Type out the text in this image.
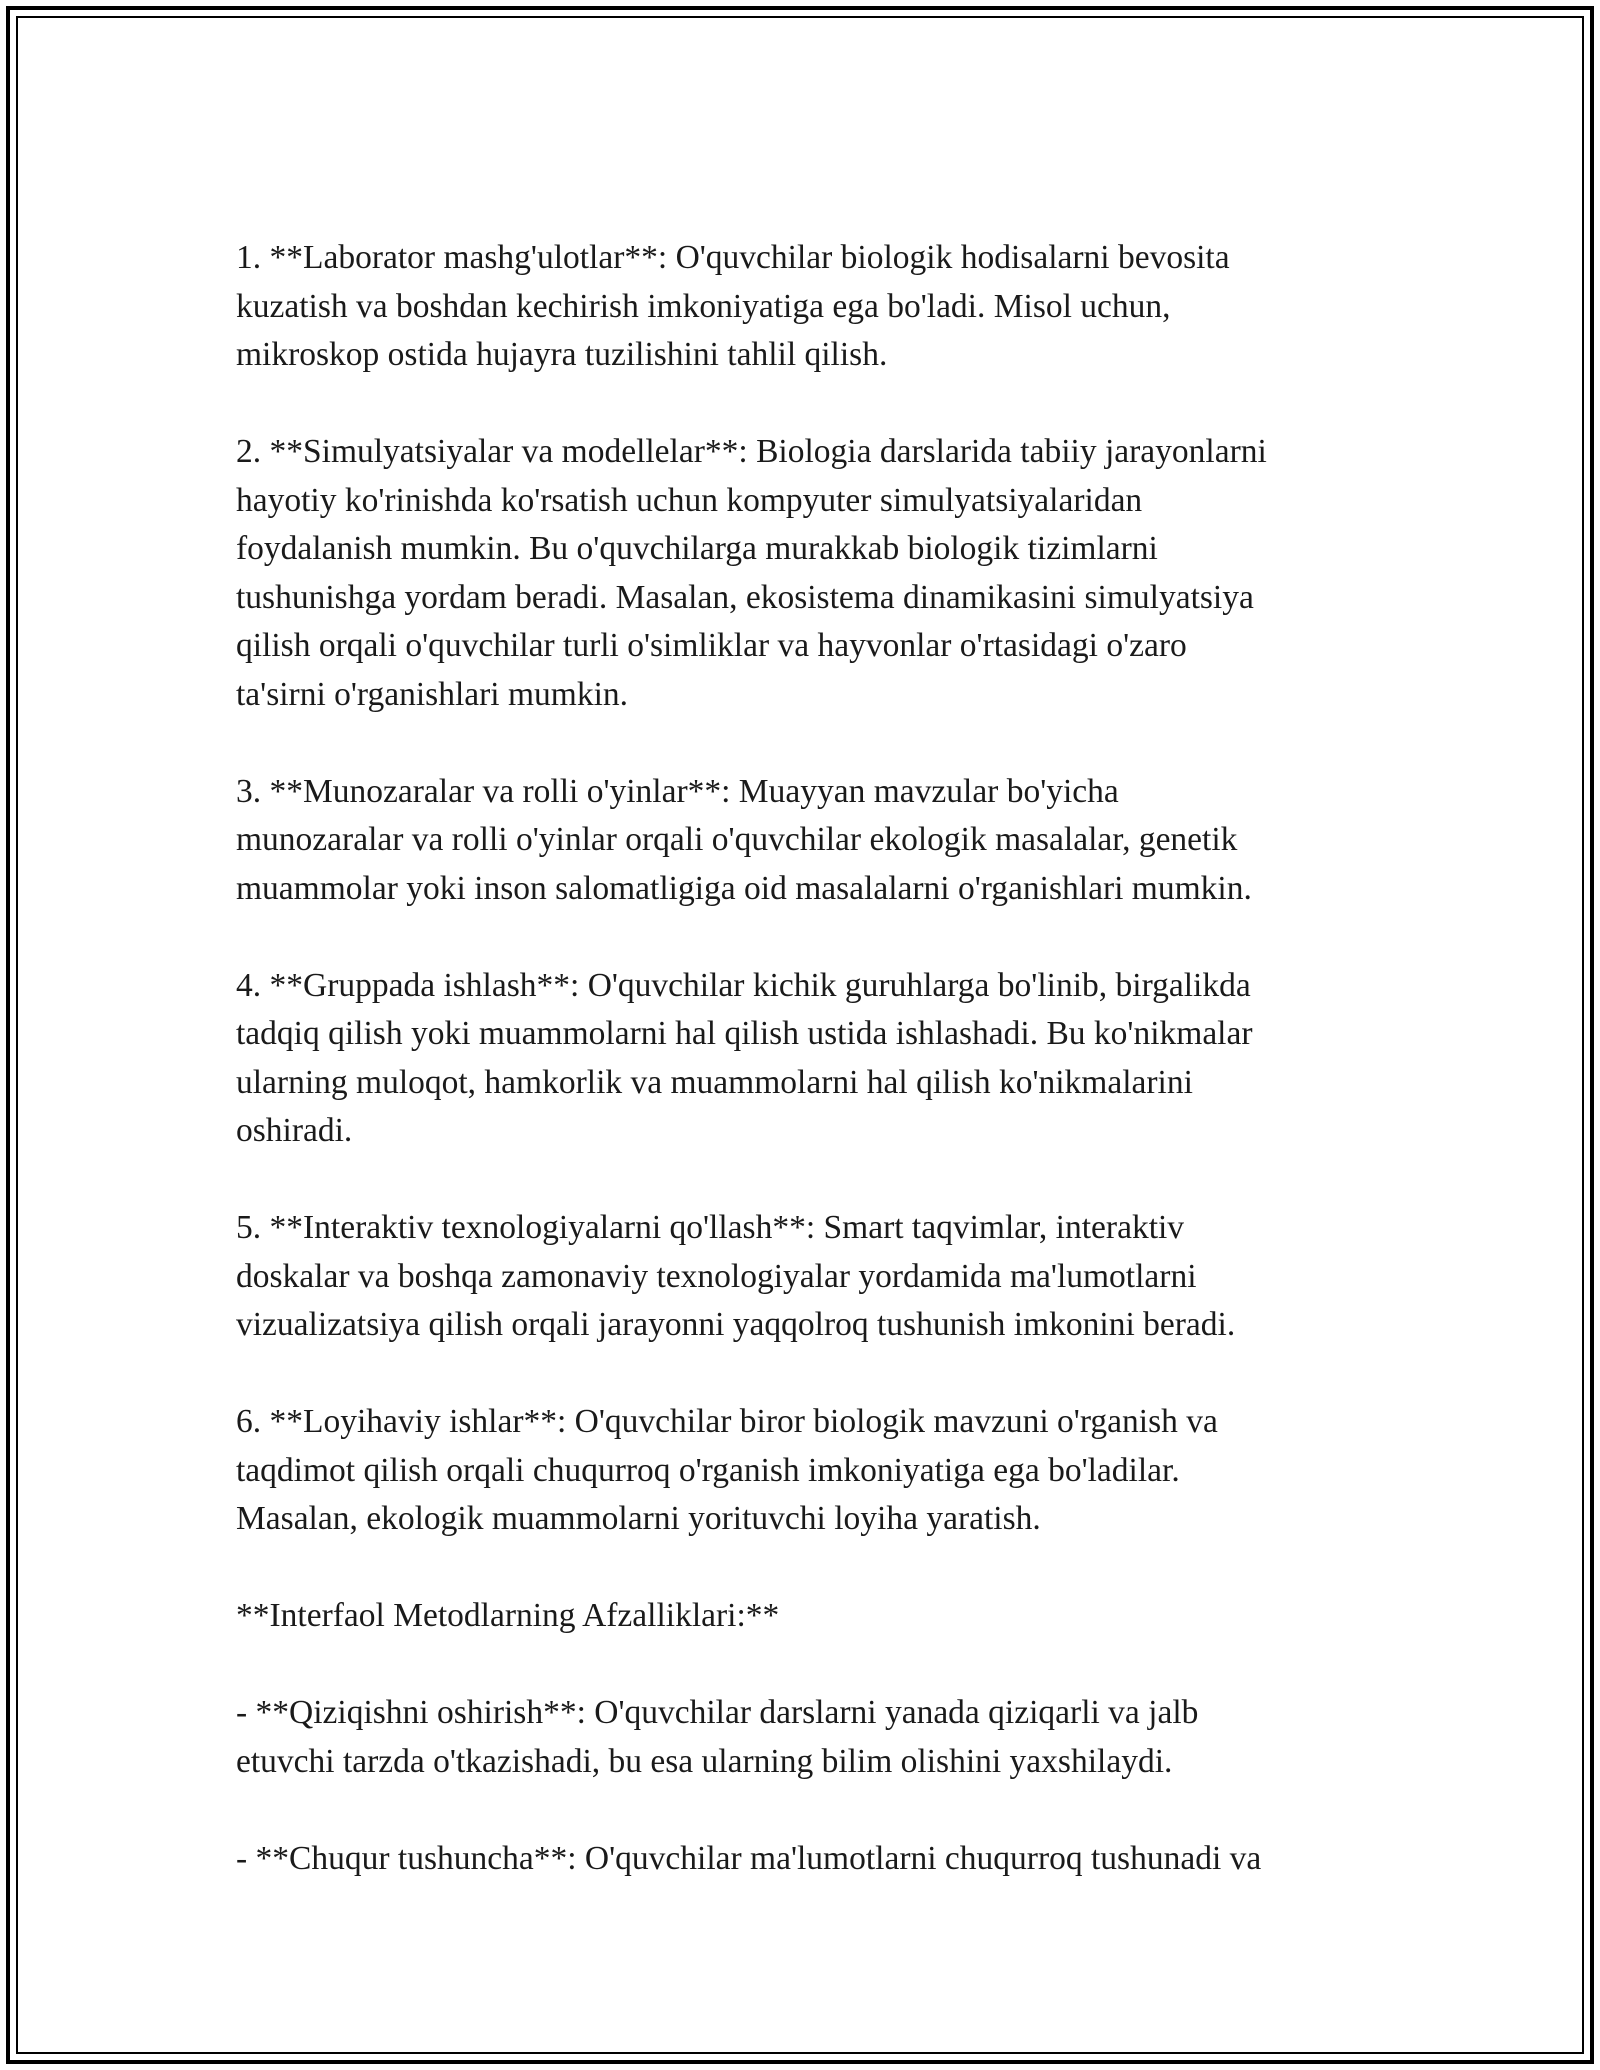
1. **Laborator mashg'ulotlar**: O'quvchilar biologik hodisalarni bevosita
kuzatish va boshdan kechirish imkoniyatiga ega bo'ladi. Misol uchun,
mikroskop ostida hujayra tuzilishini tahlil qilish.

2. **Simulyatsiyalar va modellelar**: Biologia darslarida tabiiy jarayonlarni
hayotiy ko'rinishda ko'rsatish uchun kompyuter simulyatsiyalaridan
foydalanish mumkin. Bu o'quvchilarga murakkab biologik tizimlarni
tushunishga yordam beradi. Masalan, ekosistema dinamikasini simulyatsiya
qilish orqali o'quvchilar turli o'simliklar va hayvonlar o'rtasidagi o'zaro
ta'sirni o'rganishlari mumkin.

3. **Munozaralar va rolli o'yinlar**: Muayyan mavzular bo'yicha
munozaralar va rolli o'yinlar orqali o'quvchilar ekologik masalalar, genetik
muammolar yoki inson salomatligiga oid masalalarni o'rganishlari mumkin.

4. **Gruppada ishlash**: O'quvchilar kichik guruhlarga bo'linib, birgalikda
tadqiq qilish yoki muammolarni hal qilish ustida ishlashadi. Bu ko'nikmalar
ularning muloqot, hamkorlik va muammolarni hal qilish ko'nikmalarini
oshiradi.

5. **Interaktiv texnologiyalarni qo'llash**: Smart taqvimlar, interaktiv
doskalar va boshqa zamonaviy texnologiyalar yordamida ma'lumotlarni
vizualizatsiya qilish orqali jarayonni yaqqolroq tushunish imkonini beradi.

6. **Loyihaviy ishlar**: O'quvchilar biror biologik mavzuni o'rganish va
taqdimot qilish orqali chuqurroq o'rganish imkoniyatiga ega bo'ladilar.
Masalan, ekologik muammolarni yorituvchi loyiha yaratish.

**Interfaol Metodlarning Afzalliklari:**

- **Qiziqishni oshirish**: O'quvchilar darslarni yanada qiziqarli va jalb
etuvchi tarzda o'tkazishadi, bu esa ularning bilim olishini yaxshilaydi.

- **Chuqur tushuncha**: O'quvchilar ma'lumotlarni chuqurroq tushunadi va
